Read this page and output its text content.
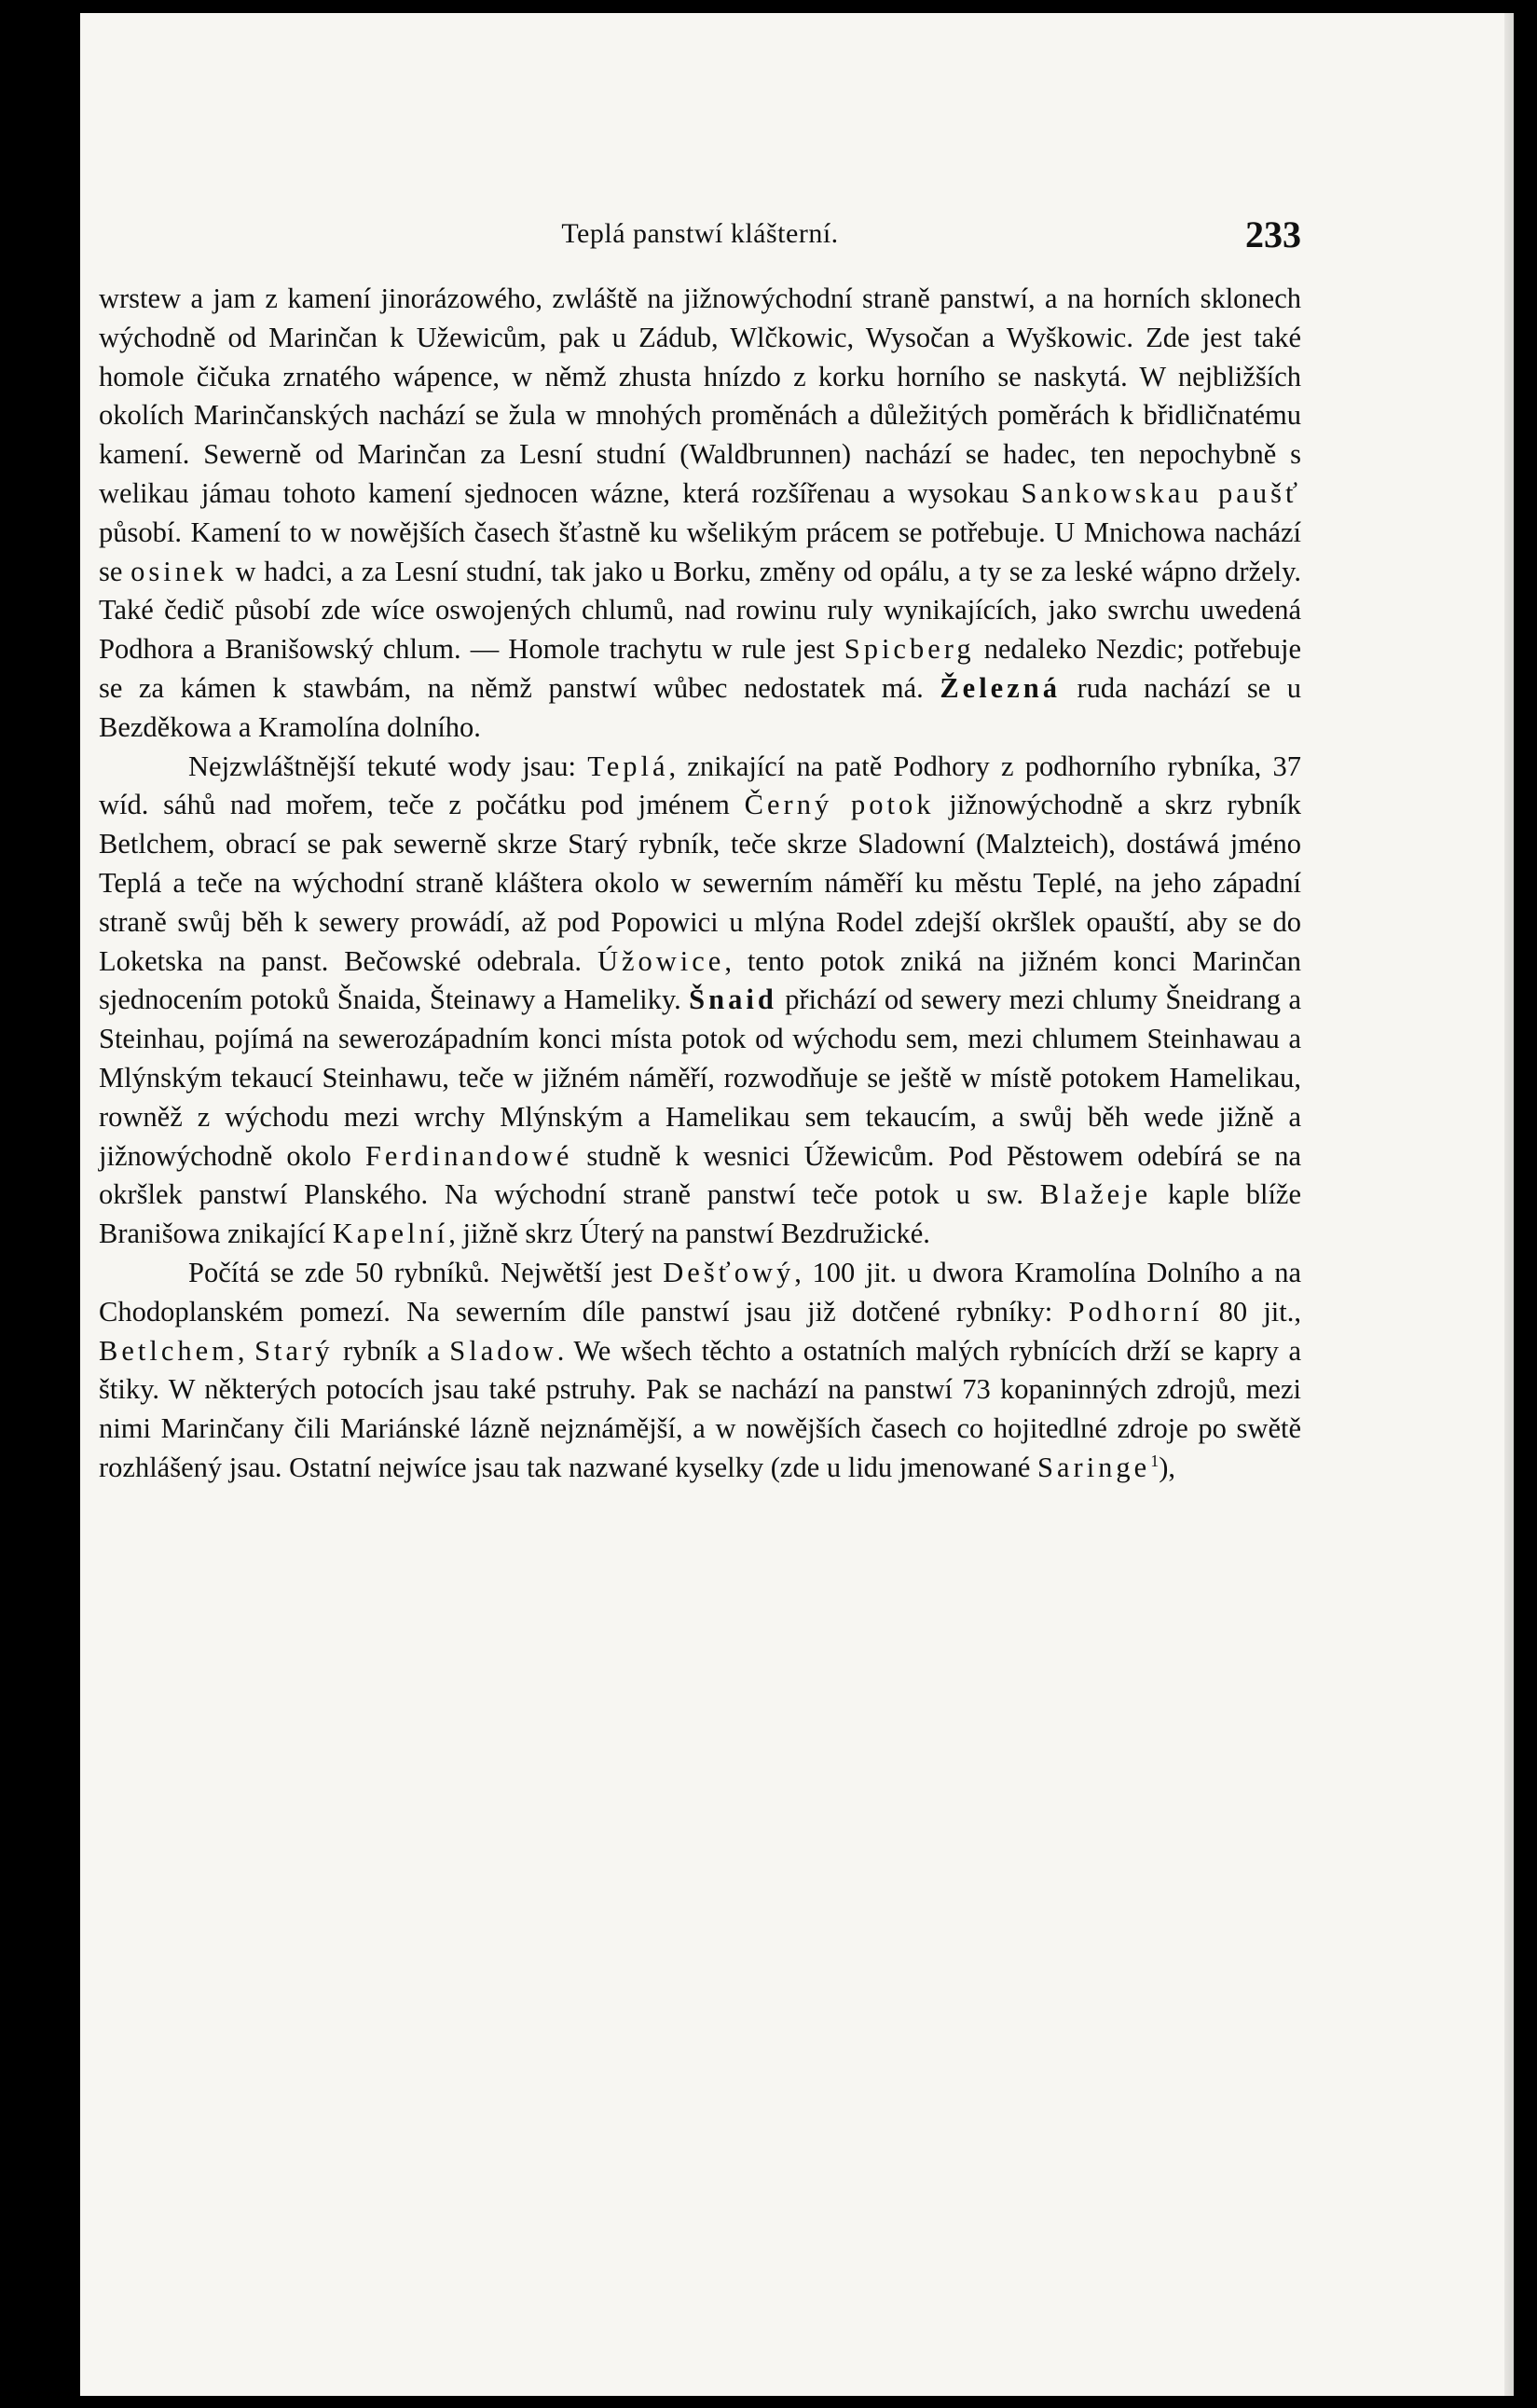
Teplá panstwí klášterní.	233

wrstew a jam z kamení jinorázowého, zwláště na jižnowýchodní straně panstwí, a na horních sklonech wýchodně od Marinčan k Užewicům, pak u Zádub, Wlčkowic, Wysočan a Wyškowic. Zde jest také homole čičuka zrnatého wápence, w němž zhusta hnízdo z korku horního se naskytá. W nejbližších okolích Marinčanských nachází se žula w mnohých proměnách a důležitých poměrách k břidličnatému kamení. Sewerně od Marinčan za Lesní studní (Waldbrunnen) nachází se hadec, ten nepochybně s welikau jámau tohoto kamení sjednocen wázne, která rozšířenau a wysokau Sankowskau paušť působí. Kamení to w nowějších časech šťastně ku wšelikým prácem se potřebuje. U Mnichowa nachází se osinek w hadci, a za Lesní studní, tak jako u Borku, změny od opálu, a ty se za leské wápno držely. Také čedič působí zde wíce oswojených chlumů, nad rowinu ruly wynikajících, jako swrchu uwedená Podhora a Branišowský chlum. — Homole trachytu w rule jest Spicberg nedaleko Nezdic; potřebuje se za kámen k stawbám, na němž panstwí wůbec nedostatek má. Železná ruda nachází se u Bezděkowa a Kramolína dolního.

Nejzwláštnější tekuté wody jsau: Teplá, znikající na patě Podhory z podhorního rybníka, 37 wíd. sáhů nad mořem, teče z počátku pod jménem Černý potok jižnowýchodně a skrz rybník Betlchem, obrací se pak sewerně skrze Starý rybník, teče skrze Sladowní (Malzteich), dostáwá jméno Teplá a teče na wýchodní straně kláštera okolo w sewerním náměří ku městu Teplé, na jeho západní straně swůj běh k sewerу prowádí, až pod Popowici u mlýna Rodel zdejší okršlek opauští, aby se do Loketska na panst. Bečowské odebrala. Úžowice, tento potok zniká na jižném konci Marinčan sjednocením potoků Šnaida, Šteinawy a Hameliky. Šnaid přichází od sewerу mezi chlumy Šneidrang a Steinhau, pojímá na sewerozápadním konci místa potok od wýchodu sem, mezi chlumem Steinhawau a Mlýnským tekaucí Steinhawu, teče w jižném náměří, rozwodňuje se ještě w místě potokem Hamelikau, rowněž z wýchodu mezi wrchy Mlýnským a Hamelikau sem tekaucím, a swůj běh wede jižně a jižnowýchodně okolo Ferdinandowé studně k wesnici Úžewicům. Pod Pěstowem odebírá se na okršlek panstwí Planského. Na wýchodní straně panstwí teče potok u sw. Blažeje kaple blíže Branišowa znikající Kapelní, jižně skrz Úterý na panstwí Bezdružické.

Počítá se zde 50 rybníků. Nejwětší jest Dešťowý, 100 jit. u dwora Kramolína Dolního a na Chodoplanském pomezí. Na sewerním díle panstwí jsau již dotčené rybníky: Podhorní 80 jit., Betlchem, Starý rybník a Sladow. We wšech těchto a ostatních malých rybnících drží se kapry a štiky. W některých potocích jsau také pstruhy. Pak se nachází na panstwí 73 kopaninných zdrojů, mezi nimi Marinčany čili Mariánské lázně nejznámější, a w nowějších časech co hojitedlné zdroje po swětě rozhlášený jsau. Ostatní nejwíce jsau tak nazwané kyselky (zde u lidu jmenowané Saringe$^1$),
